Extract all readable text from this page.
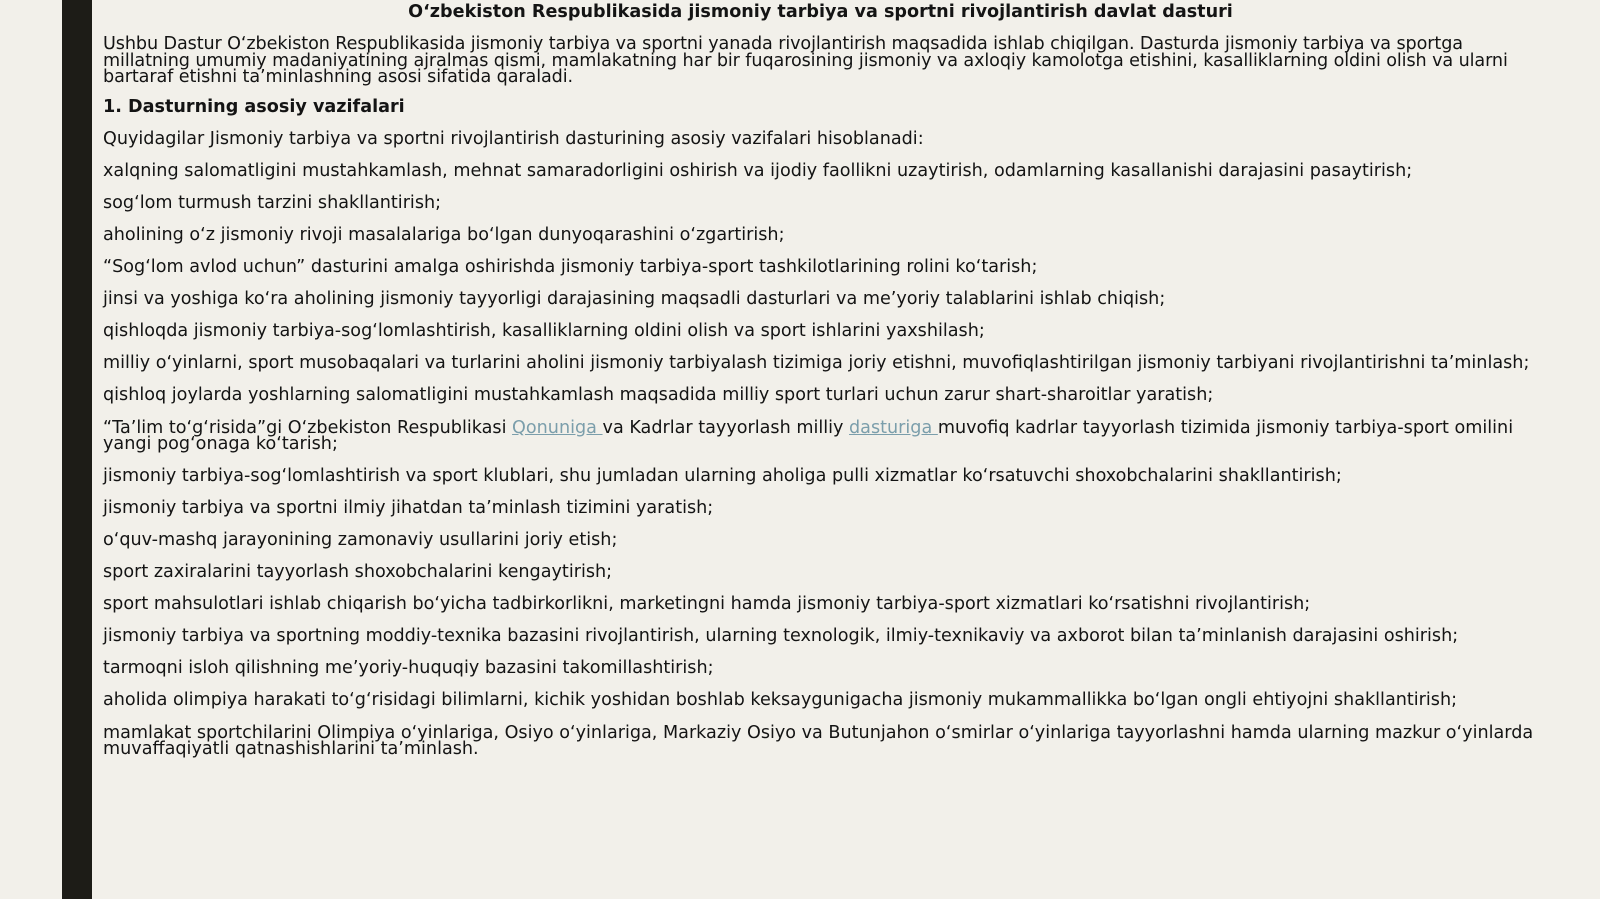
O‘zbekiston Respublikasida jismoniy tarbiya va sportni rivojlantirish davlat dasturi
Ushbu Dastur O‘zbekiston Respublikasida jismoniy tarbiya va sportni yanada rivojlantirish maqsadida ishlab chiqilgan. Dasturda jismoniy tarbiya va sportga millatning umumiy madaniyatining ajralmas qismi, mamlakatning har bir fuqarosining jismoniy va axloqiy kamolotga etishini, kasalliklarning oldini olish va ularni bartaraf etishni ta’minlashning asosi sifatida qaraladi.
1. Dasturning asosiy vazifalari
Quyidagilar Jismoniy tarbiya va sportni rivojlantirish dasturining asosiy vazifalari hisoblanadi:
xalqning salomatligini mustahkamlash, mehnat samaradorligini oshirish va ijodiy faollikni uzaytirish, odamlarning kasallanishi darajasini pasaytirish;
sog‘lom turmush tarzini shakllantirish;
aholining o‘z jismoniy rivoji masalalariga bo‘lgan dunyoqarashini o‘zgartirish;
“Sog‘lom avlod uchun” dasturini amalga oshirishda jismoniy tarbiya-sport tashkilotlarining rolini ko‘tarish;
jinsi va yoshiga ko‘ra aholining jismoniy tayyorligi darajasining maqsadli dasturlari va me’yoriy talablarini ishlab chiqish;
qishloqda jismoniy tarbiya-sog‘lomlashtirish, kasalliklarning oldini olish va sport ishlarini yaxshilash;
milliy o‘yinlarni, sport musobaqalari va turlarini aholini jismoniy tarbiyalash tizimiga joriy etishni, muvofiqlashtirilgan jismoniy tarbiyani rivojlantirishni ta’minlash;
qishloq joylarda yoshlarning salomatligini mustahkamlash maqsadida milliy sport turlari uchun zarur shart-sharoitlar yaratish;
“Ta’lim to‘g‘risida”gi O‘zbekiston Respublikasi Qonuniga va Kadrlar tayyorlash milliy dasturiga muvofiq kadrlar tayyorlash tizimida jismoniy tarbiya-sport omilini yangi pog‘onaga ko‘tarish;
jismoniy tarbiya-sog‘lomlashtirish va sport klublari, shu jumladan ularning aholiga pulli xizmatlar ko‘rsatuvchi shoxobchalarini shakllantirish;
jismoniy tarbiya va sportni ilmiy jihatdan ta’minlash tizimini yaratish;
o‘quv-mashq jarayonining zamonaviy usullarini joriy etish;
sport zaxiralarini tayyorlash shoxobchalarini kengaytirish;
sport mahsulotlari ishlab chiqarish bo‘yicha tadbirkorlikni, marketingni hamda jismoniy tarbiya-sport xizmatlari ko‘rsatishni rivojlantirish;
jismoniy tarbiya va sportning moddiy-texnika bazasini rivojlantirish, ularning texnologik, ilmiy-texnikaviy va axborot bilan ta’minlanish darajasini oshirish;
tarmoqni isloh qilishning me’yoriy-huquqiy bazasini takomillashtirish;
aholida olimpiya harakati to‘g‘risidagi bilimlarni, kichik yoshidan boshlab keksaygunigacha jismoniy mukammallikka bo‘lgan ongli ehtiyojni shakllantirish;
mamlakat sportchilarini Olimpiya o‘yinlariga, Osiyo o‘yinlariga, Markaziy Osiyo va Butunjahon o‘smirlar o‘yinlariga tayyorlashni hamda ularning mazkur o‘yinlarda muvaffaqiyatli qatnashishlarini ta’minlash.
